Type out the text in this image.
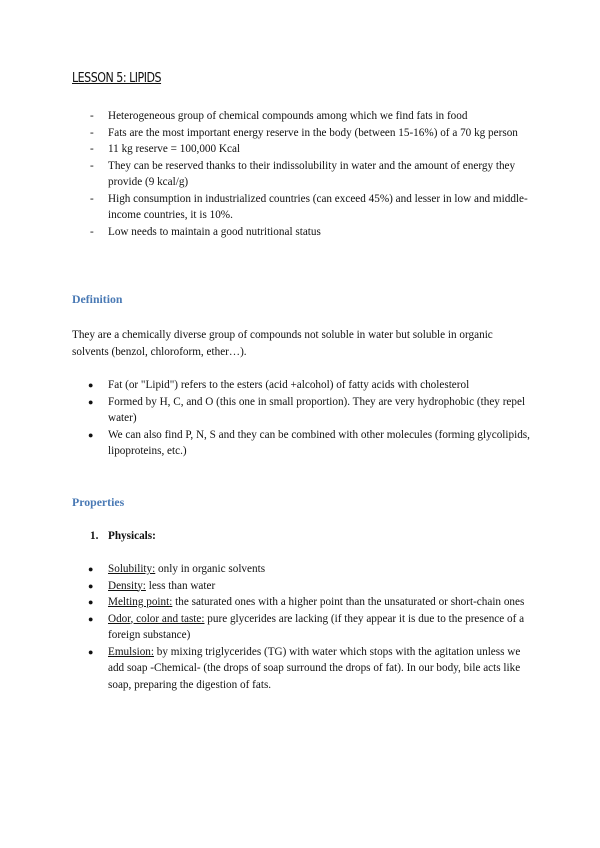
LESSON 5: LIPIDS
- Heterogeneous group of chemical compounds among which we find fats in food
- Fats are the most important energy reserve in the body (between 15-16%) of a 70 kg person
- 11 kg reserve = 100,000 Kcal
- They can be reserved thanks to their indissolubility in water and the amount of energy they provide (9 kcal/g)
- High consumption in industrialized countries (can exceed 45%) and lesser in low and middle-income countries, it is 10%.
- Low needs to maintain a good nutritional status
Definition
They are a chemically diverse group of compounds not soluble in water but soluble in organic solvents (benzol, chloroform, ether…).
● Fat (or "Lipid") refers to the esters (acid +alcohol) of fatty acids with cholesterol
● Formed by H, C, and O (this one in small proportion). They are very hydrophobic (they repel water)
● We can also find P, N, S and they can be combined with other molecules (forming glycolipids, lipoproteins, etc.)
Properties
1. Physicals:
● Solubility: only in organic solvents
● Density: less than water
● Melting point: the saturated ones with a higher point than the unsaturated or short-chain ones
● Odor, color and taste: pure glycerides are lacking (if they appear it is due to the presence of a foreign substance)
● Emulsion: by mixing triglycerides (TG) with water which stops with the agitation unless we add soap -Chemical- (the drops of soap surround the drops of fat). In our body, bile acts like soap, preparing the digestion of fats.
